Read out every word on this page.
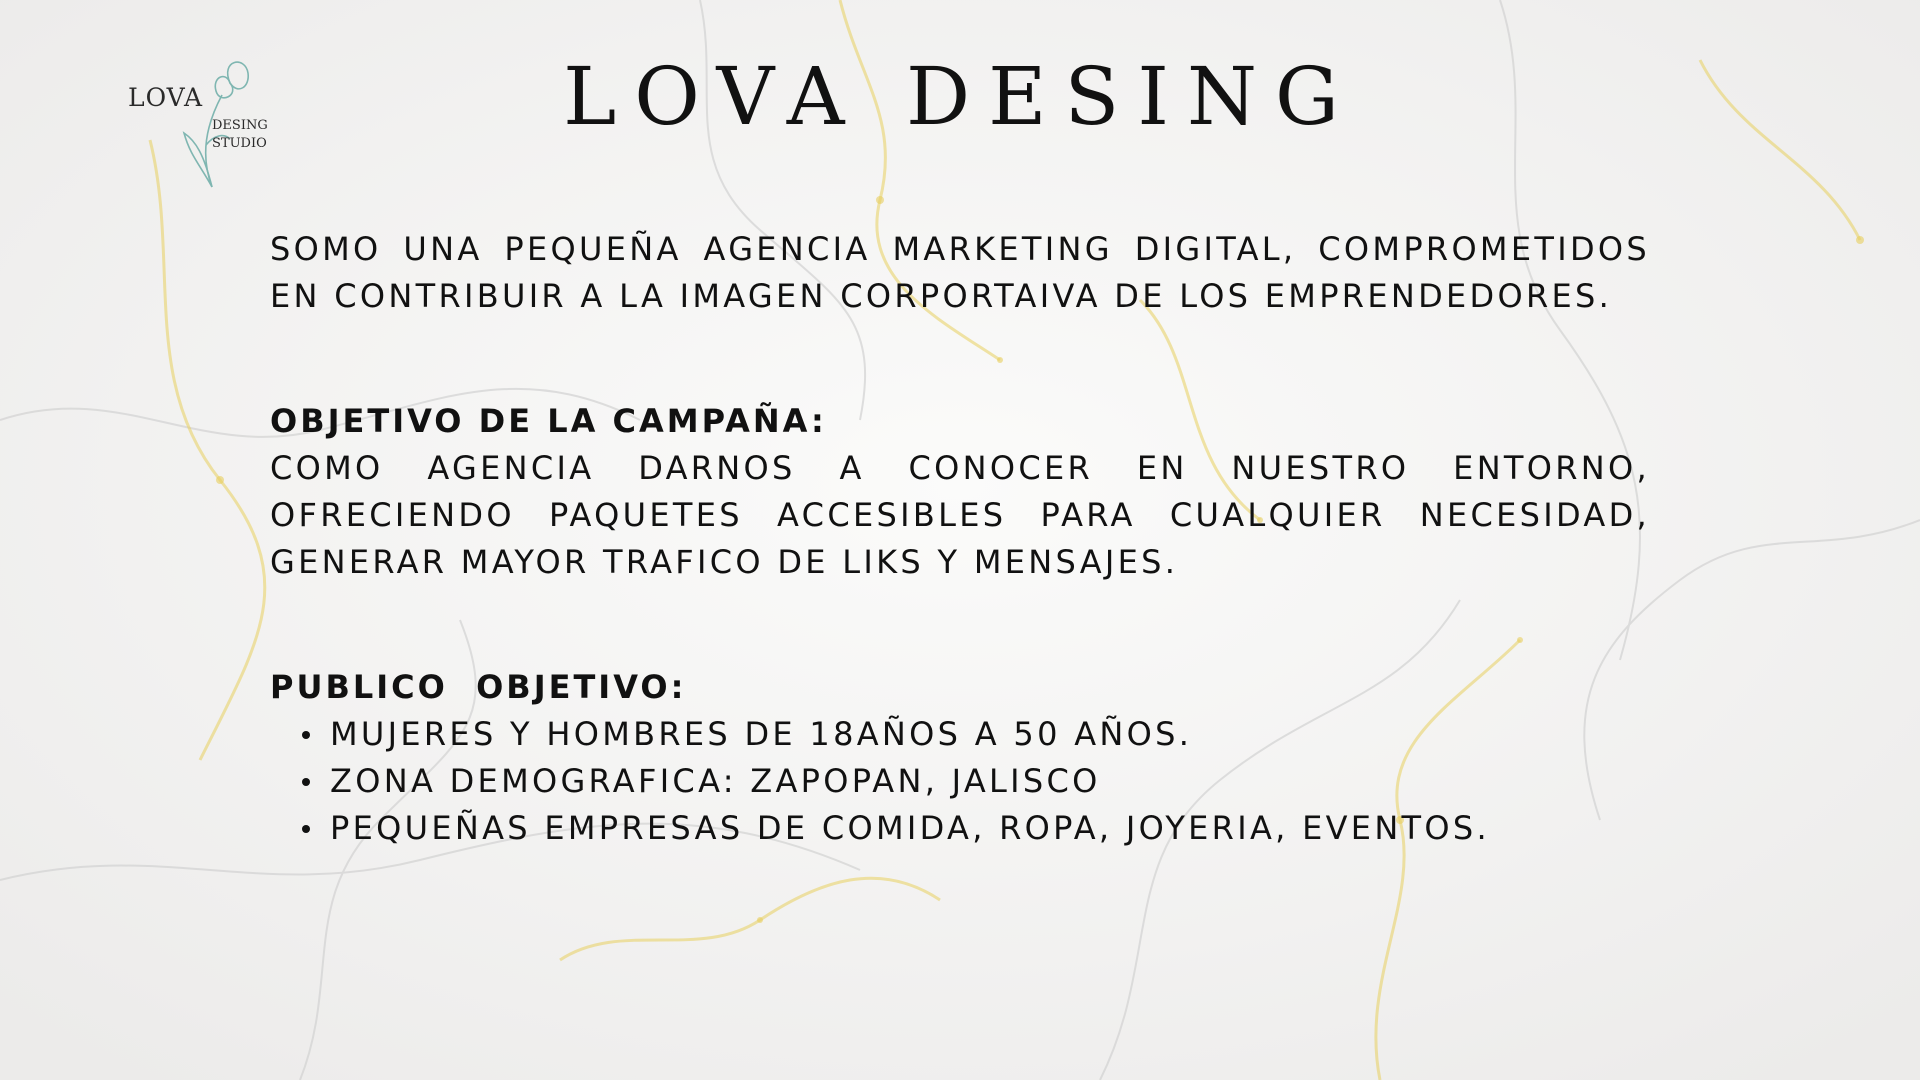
LOVA
DESING
STUDIO
LOVA DESING

SOMO UNA PEQUEÑA AGENCIA MARKETING DIGITAL, COMPROMETIDOS EN CONTRIBUIR A LA IMAGEN CORPORTAIVA DE LOS EMPRENDEDORES.

OBJETIVO DE LA CAMPAÑA:

COMO AGENCIA DARNOS A CONOCER EN NUESTRO ENTORNO, OFRECIENDO PAQUETES ACCESIBLES PARA CUALQUIER NECESIDAD, GENERAR MAYOR TRAFICO DE LIKS Y MENSAJES.

PUBLICO  OBJETIVO:

MUJERES Y HOMBRES DE 18AÑOS A 50 AÑOS.
ZONA DEMOGRAFICA: ZAPOPAN, JALISCO
PEQUEÑAS EMPRESAS DE COMIDA, ROPA, JOYERIA, EVENTOS.
